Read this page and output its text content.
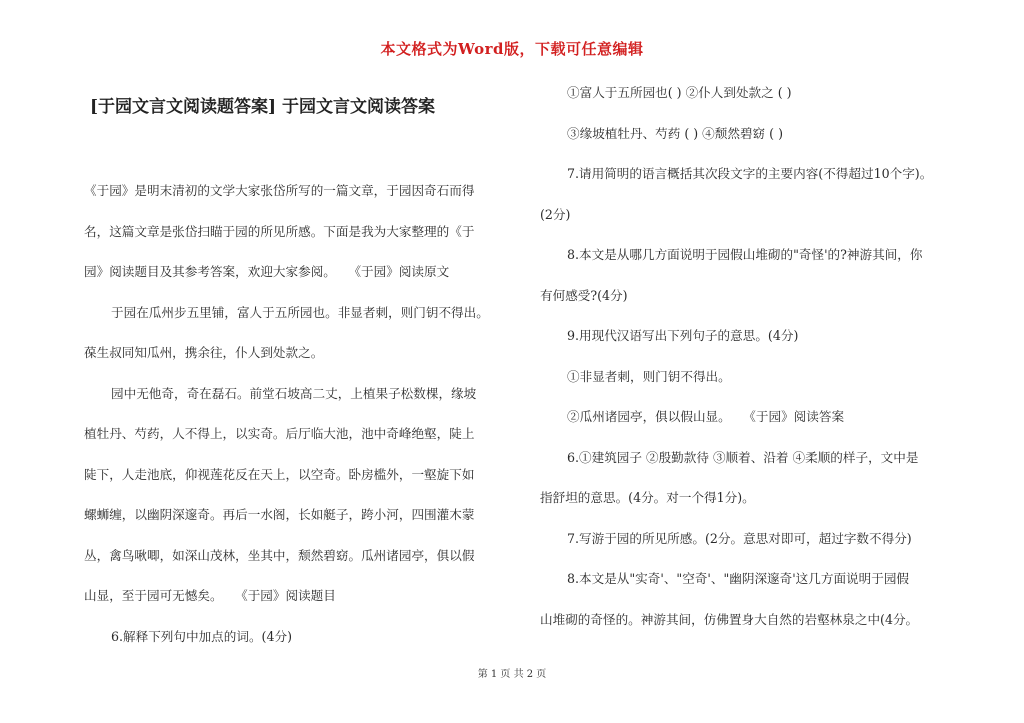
本文格式为Word版，下载可任意编辑
[于园文言文阅读题答案] 于园文言文阅读答案

《于园》是明末清初的文学大家张岱所写的一篇文章，于园因奇石而得

名，这篇文章是张岱扫瞄于园的所见所感。下面是我为大家整理的《于

园》阅读题目及其参考答案，欢迎大家参阅。　　《于园》阅读原文

于园在瓜州步五里铺，富人于五所园也。非显者刺，则门钥不得出。

葆生叔同知瓜州，携余往，仆人到处款之。

园中无他奇，奇在磊石。前堂石坡高二丈，上植果子松数棵，缘坡

植牡丹、芍药，人不得上，以实奇。后厅临大池，池中奇峰绝壑，陡上

陡下，人走池底，仰视莲花反在天上，以空奇。卧房槛外，一壑旋下如

螺蛳缠，以幽阴深邃奇。再后一水阁，长如艇子，跨小河，四围灌木蒙

丛，禽鸟啾唧，如深山茂林，坐其中，颓然碧窈。瓜州诸园亭，俱以假

山显，至于园可无憾矣。　　《于园》阅读题目

6.解释下列句中加点的词。(4分)

①富人于五所园也( ) ②仆人到处款之 ( )

③缘坡植牡丹、芍药 ( ) ④颓然碧窈 ( )

7.请用简明的语言概括其次段文字的主要内容(不得超过10个字)。

(2分)

8.本文是从哪几方面说明于园假山堆砌的"奇怪'的?神游其间，你

有何感受?(4分)

9.用现代汉语写出下列句子的意思。(4分)

①非显者刺，则门钥不得出。

②瓜州诸园亭，俱以假山显。　　《于园》阅读答案

6.①建筑园子 ②殷勤款待 ③顺着、沿着 ④柔顺的样子，文中是

指舒坦的意思。(4分。对一个得1分)。

7.写游于园的所见所感。(2分。意思对即可，超过字数不得分)

8.本文是从"实奇'、"空奇'、"幽阴深邃奇'这几方面说明于园假

山堆砌的奇怪的。神游其间，仿佛置身大自然的岩壑林泉之中(4分。

第 1 页 共 2 页
